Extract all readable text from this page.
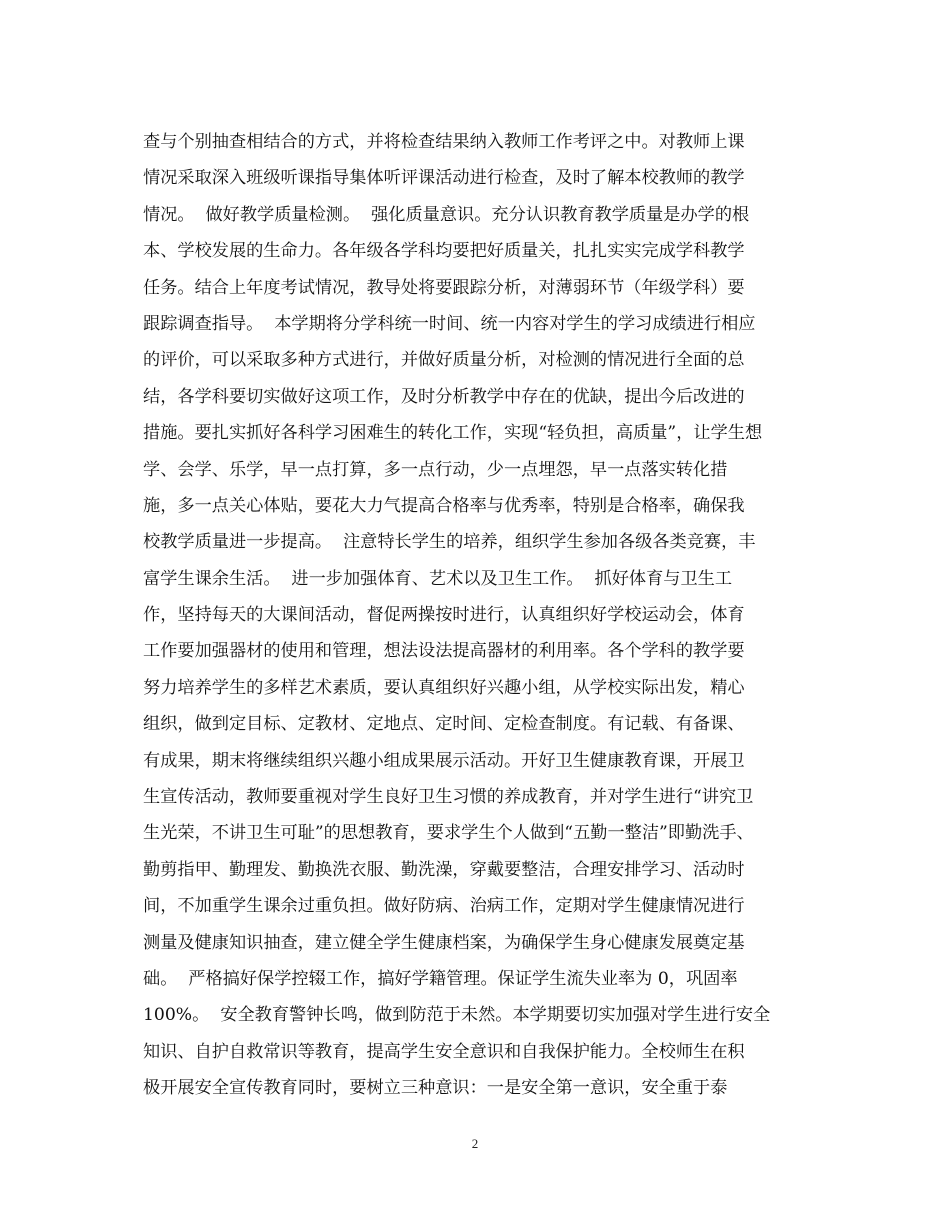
查与个别抽查相结合的方式，并将检查结果纳入教师工作考评之中。对教师上课
情况采取深入班级听课指导集体听评课活动进行检查，及时了解本校教师的教学
情况。  做好教学质量检测。  强化质量意识。充分认识教育教学质量是办学的根
本、学校发展的生命力。各年级各学科均要把好质量关，扎扎实实完成学科教学
任务。结合上年度考试情况，教导处将要跟踪分析，对薄弱环节（年级学科）要
跟踪调查指导。  本学期将分学科统一时间、统一内容对学生的学习成绩进行相应
的评价，可以采取多种方式进行，并做好质量分析，对检测的情况进行全面的总
结，各学科要切实做好这项工作，及时分析教学中存在的优缺，提出今后改进的
措施。要扎实抓好各科学习困难生的转化工作，实现“轻负担，高质量”，让学生想
学、会学、乐学，早一点打算，多一点行动，少一点埋怨，早一点落实转化措
施，多一点关心体贴，要花大力气提高合格率与优秀率，特别是合格率，确保我
校教学质量进一步提高。  注意特长学生的培养，组织学生参加各级各类竞赛，丰
富学生课余生活。  进一步加强体育、艺术以及卫生工作。  抓好体育与卫生工
作，坚持每天的大课间活动，督促两操按时进行，认真组织好学校运动会，体育
工作要加强器材的使用和管理，想法设法提高器材的利用率。各个学科的教学要
努力培养学生的多样艺术素质，要认真组织好兴趣小组，从学校实际出发，精心
组织，做到定目标、定教材、定地点、定时间、定检查制度。有记载、有备课、
有成果，期末将继续组织兴趣小组成果展示活动。开好卫生健康教育课，开展卫
生宣传活动，教师要重视对学生良好卫生习惯的养成教育，并对学生进行“讲究卫
生光荣，不讲卫生可耻”的思想教育，要求学生个人做到“五勤一整洁”即勤洗手、
勤剪指甲、勤理发、勤换洗衣服、勤洗澡，穿戴要整洁，合理安排学习、活动时
间，不加重学生课余过重负担。做好防病、治病工作，定期对学生健康情况进行
测量及健康知识抽查，建立健全学生健康档案，为确保学生身心健康发展奠定基
础。  严格搞好保学控辍工作，搞好学籍管理。保证学生流失业率为 0，巩固率
100%。  安全教育警钟长鸣，做到防范于未然。本学期要切实加强对学生进行安全
知识、自护自救常识等教育，提高学生安全意识和自我保护能力。全校师生在积
极开展安全宣传教育同时，要树立三种意识：一是安全第一意识，安全重于泰
2
